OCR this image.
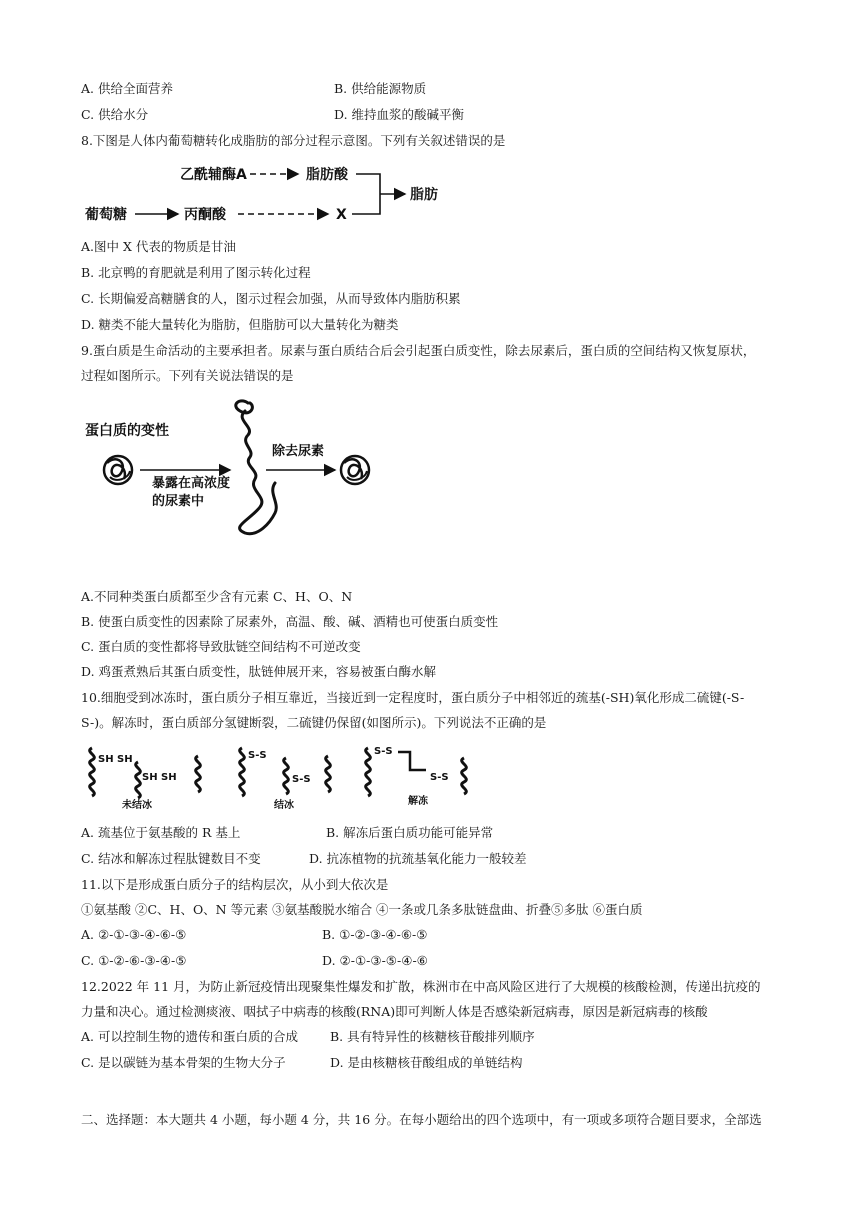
A. 供给全面营养	B. 供给能源物质
C. 供给水分	D. 维持血浆的酸碱平衡
8.下图是人体内葡萄糖转化成脂肪的部分过程示意图。下列有关叙述错误的是
乙酰辅酶A	脂肪酸
葡萄糖	丙酮酸	X
脂肪
A.图中 X 代表的物质是甘油
B. 北京鸭的育肥就是利用了图示转化过程
C. 长期偏爱高糖膳食的人，图示过程会加强，从而导致体内脂肪积累
D. 糖类不能大量转化为脂肪，但脂肪可以大量转化为糖类
9.蛋白质是生命活动的主要承担者。尿素与蛋白质结合后会引起蛋白质变性，除去尿素后，蛋白质的空间结构又恢复原状，
过程如图所示。下列有关说法错误的是
蛋白质的变性
暴露在高浓度
的尿素中
除去尿素
A.不同种类蛋白质都至少含有元素 C、H、O、N
B. 使蛋白质变性的因素除了尿素外，高温、酸、碱、酒精也可使蛋白质变性
C. 蛋白质的变性都将导致肽链空间结构不可逆改变
D. 鸡蛋煮熟后其蛋白质变性，肽链伸展开来，容易被蛋白酶水解
10.细胞受到冰冻时，蛋白质分子相互靠近，当接近到一定程度时，蛋白质分子中相邻近的巯基(-SH)氧化形成二硫键(-S-
S-)。解冻时，蛋白质部分氢键断裂，二硫键仍保留(如图所示)。下列说法不正确的是
SH SH
SH SH
未结冰
S-S
S-S
结冰
S-S
S-S
解冻
A. 巯基位于氨基酸的 R 基上	B. 解冻后蛋白质功能可能异常
C. 结冰和解冻过程肽键数目不变	D. 抗冻植物的抗巯基氧化能力一般较差
11.以下是形成蛋白质分子的结构层次，从小到大依次是
①氨基酸 ②C、H、O、N 等元素 ③氨基酸脱水缩合 ④一条或几条多肽链盘曲、折叠⑤多肽 ⑥蛋白质
A. ②-①-③-④-⑥-⑤	B. ①-②-③-④-⑥-⑤
C. ①-②-⑥-③-④-⑤	D. ②-①-③-⑤-④-⑥
12.2022 年 11 月，为防止新冠疫情出现聚集性爆发和扩散，株洲市在中高风险区进行了大规模的核酸检测，传递出抗疫的
力量和决心。通过检测痰液、咽拭子中病毒的核酸(RNA)即可判断人体是否感染新冠病毒，原因是新冠病毒的核酸
A. 可以控制生物的遗传和蛋白质的合成	B. 具有特异性的核糖核苷酸排列顺序
C. 是以碳链为基本骨架的生物大分子	D. 是由核糖核苷酸组成的单链结构
二、选择题：本大题共 4 小题，每小题 4 分，共 16 分。在每小题给出的四个选项中，有一项或多项符合题目要求，全部选
